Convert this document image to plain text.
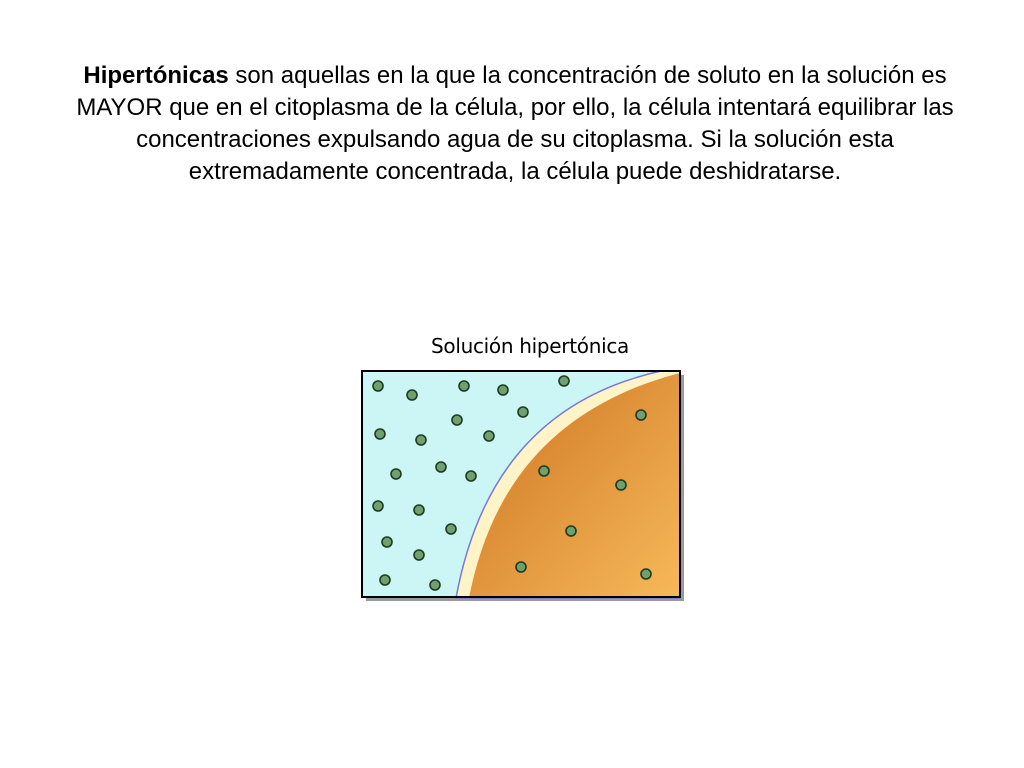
Hipertónicas son aquellas en la que la concentración de soluto en la solución es MAYOR que en el citoplasma de la célula, por ello, la célula intentará equilibrar las concentraciones expulsando agua de su citoplasma. Si la solución esta extremadamente concentrada, la célula puede deshidratarse.

Solución hipertónica
